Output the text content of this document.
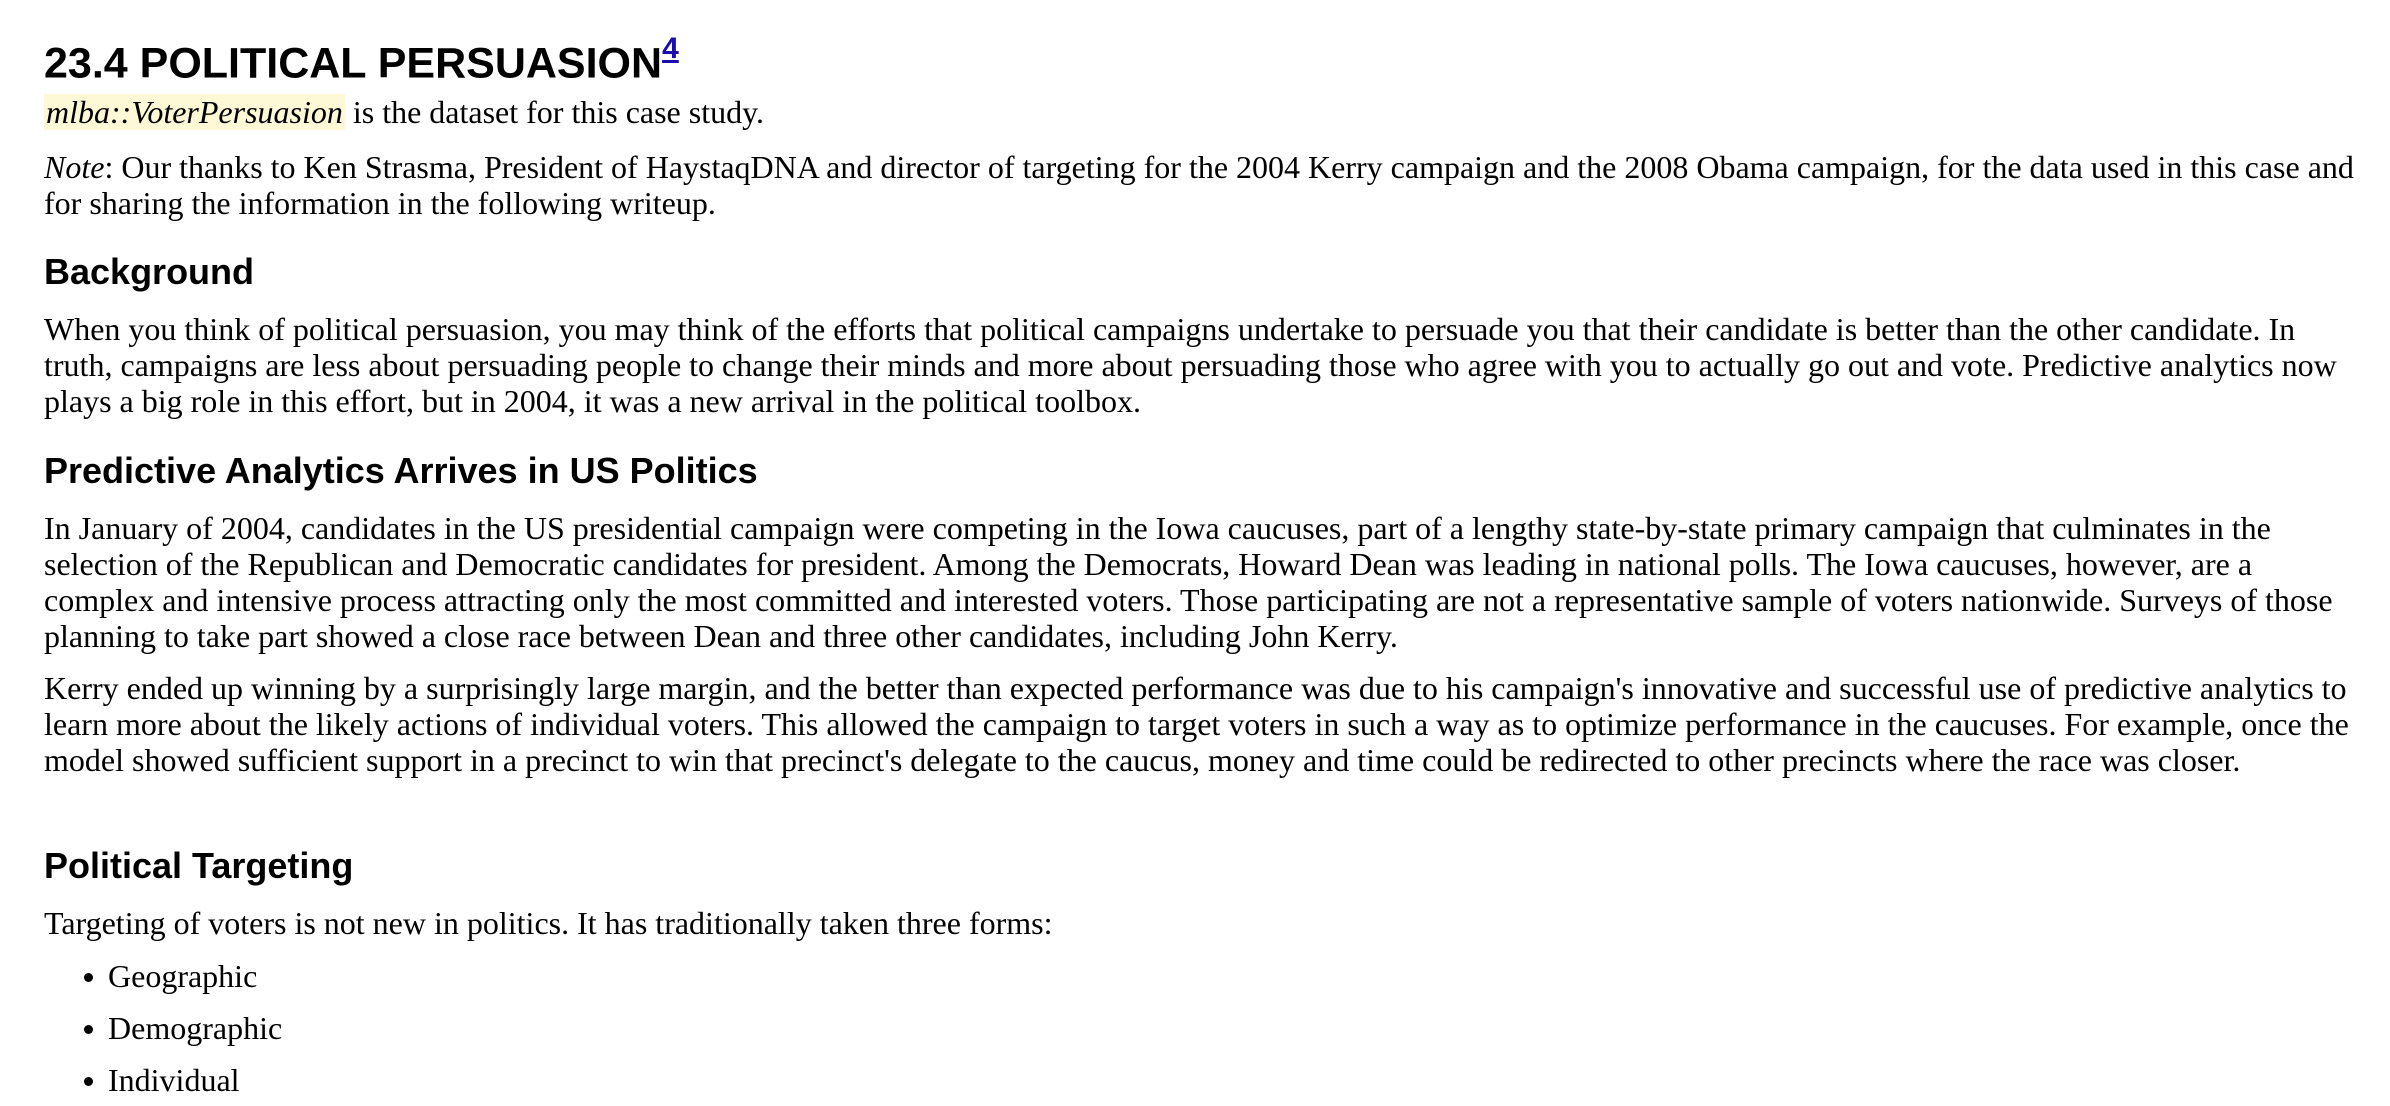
23.4 POLITICAL PERSUASION$^4$
mlba::VoterPersuasion is the dataset for this case study.
Note: Our thanks to Ken Strasma, President of HaystaqDNA and director of targeting for the 2004 Kerry campaign and the 2008 Obama campaign, for the data used in this case and for sharing the information in the following writeup.
Background
When you think of political persuasion, you may think of the efforts that political campaigns undertake to persuade you that their candidate is better than the other candidate. In truth, campaigns are less about persuading people to change their minds and more about persuading those who agree with you to actually go out and vote. Predictive analytics now plays a big role in this effort, but in 2004, it was a new arrival in the political toolbox.
Predictive Analytics Arrives in US Politics
In January of 2004, candidates in the US presidential campaign were competing in the Iowa caucuses, part of a lengthy state-by-state primary campaign that culminates in the selection of the Republican and Democratic candidates for president. Among the Democrats, Howard Dean was leading in national polls. The Iowa caucuses, however, are a complex and intensive process attracting only the most committed and interested voters. Those participating are not a representative sample of voters nationwide. Surveys of those planning to take part showed a close race between Dean and three other candidates, including John Kerry.
Kerry ended up winning by a surprisingly large margin, and the better than expected performance was due to his campaign's innovative and successful use of predictive analytics to learn more about the likely actions of individual voters. This allowed the campaign to target voters in such a way as to optimize performance in the caucuses. For example, once the model showed sufficient support in a precinct to win that precinct's delegate to the caucus, money and time could be redirected to other precincts where the race was closer.
Political Targeting
Targeting of voters is not new in politics. It has traditionally taken three forms:
Geographic
Demographic
Individual
